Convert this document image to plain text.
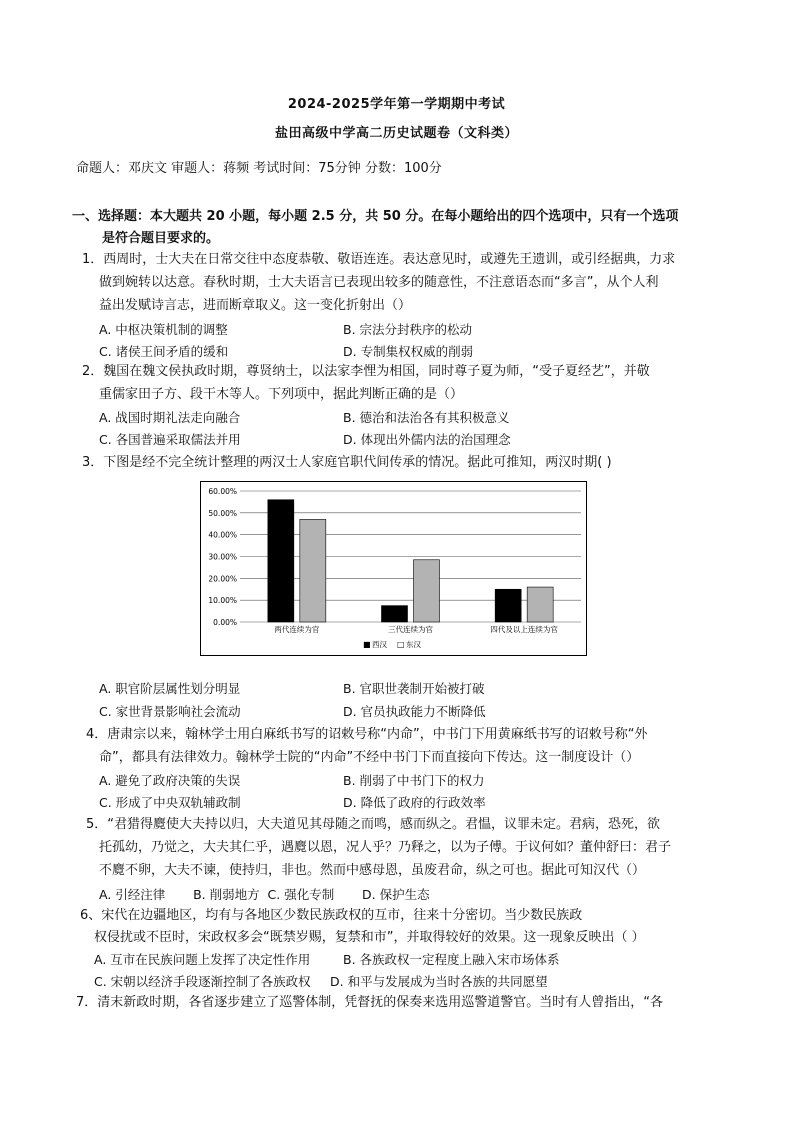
2024-2025学年第一学期期中考试
盐田高级中学高二历史试题卷（文科类）
命题人：邓庆文 审题人：蒋频 考试时间：75分钟 分数：100分
一、选择题：本大题共 20 小题，每小题 2.5 分，共 50 分。在每小题给出的四个选项中，只有一个选项
是符合题目要求的。
1．西周时，士大夫在日常交往中态度恭敬、敬语连连。表达意见时，或遵先王遗训，或引经据典，力求
做到婉转以达意。春秋时期，士大夫语言已表现出较多的随意性，不注意语态而“多言”，从个人利
益出发赋诗言志，进而断章取义。这一变化折射出（）
A. 中枢决策机制的调整	B. 宗法分封秩序的松动
C. 诸侯王间矛盾的缓和	D. 专制集权权威的削弱
2．魏国在魏文侯执政时期，尊贤纳士，以法家李悝为相国，同时尊子夏为师，“受子夏经艺”，并敬
重儒家田子方、段干木等人。下列项中，据此判断正确的是（）
A. 战国时期礼法走向融合	B. 德治和法治各有其积极意义
C. 各国普遍采取儒法并用	D. 体现出外儒内法的治国理念
3．下图是经不完全统计整理的两汉士人家庭官职代间传承的情况。据此可推知，两汉时期( )
0.00%
10.00%
20.00%
30.00%
40.00%
50.00%
60.00%
两代连续为官	三代连续为官	四代及以上连续为官
■ 西汉 □ 东汉
A. 职官阶层属性划分明显	B. 官职世袭制开始被打破
C. 家世背景影响社会流动	D. 官员执政能力不断降低
4．唐肃宗以来，翰林学士用白麻纸书写的诏敕号称“内命”，中书门下用黄麻纸书写的诏敕号称“外
命”，都具有法律效力。翰林学士院的“内命”不经中书门下而直接向下传达。这一制度设计（）
A. 避免了政府决策的失误	B. 削弱了中书门下的权力
C. 形成了中央双轨辅政制	D. 降低了政府的行政效率
5．“君猎得麑使大夫持以归，大夫道见其母随之而鸣，感而纵之。君愠，议罪未定。君病，恐死，欲
托孤幼，乃觉之，大夫其仁乎，遇麑以恩，况人乎？乃释之，以为子傅。于议何如？董仲舒曰：君子
不麑不卵，大夫不谏，使持归，非也。然而中感母恩，虽废君命，纵之可也。据此可知汉代（）
A. 引经注律       B. 削弱地方  C. 强化专制       D. 保护生态
6、宋代在边疆地区，均有与各地区少数民族政权的互市，往来十分密切。当少数民族政
权侵扰或不臣时，宋政权多会“既禁岁赐，复禁和市”，并取得较好的效果。这一现象反映出（ ）
A. 互市在民族问题上发挥了决定性作用	B. 各族政权一定程度上融入宋市场体系
C. 宋朝以经济手段逐渐控制了各族政权 D. 和平与发展成为当时各族的共同愿望
7．清末新政时期，各省逐步建立了巡警体制，凭督抚的保奏来选用巡警道警官。当时有人曾指出，“各
